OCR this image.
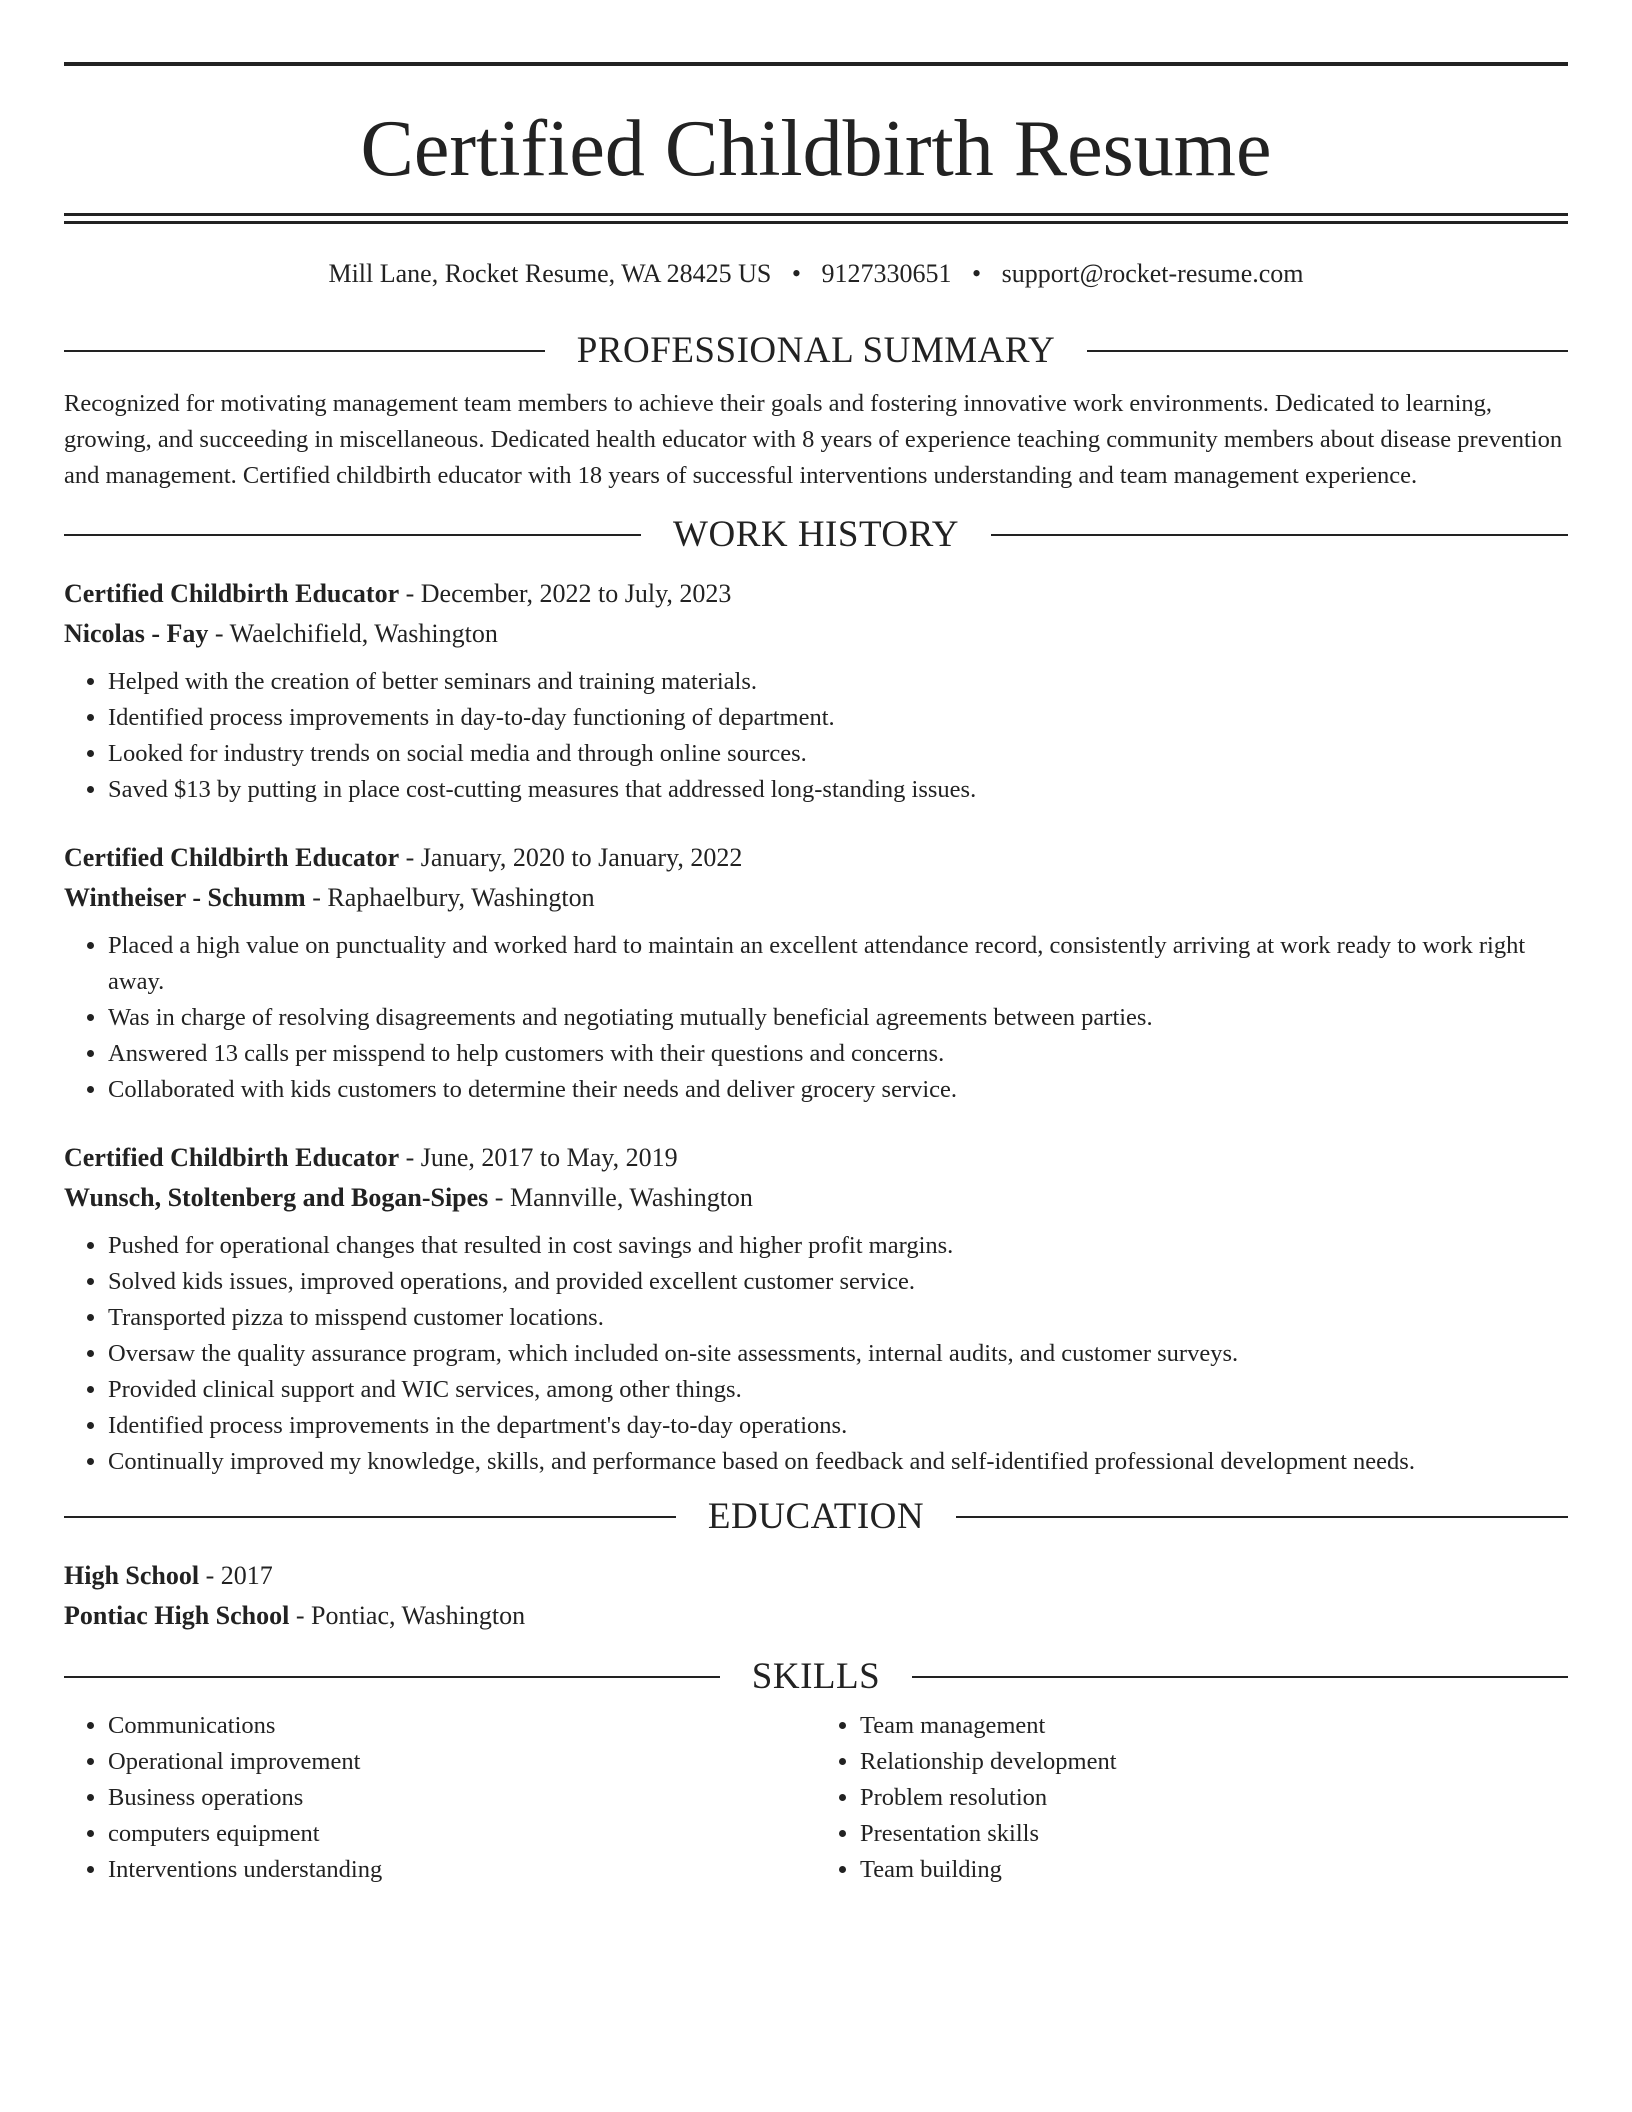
Certified Childbirth Resume
Mill Lane, Rocket Resume, WA 28425 US • 9127330651 • support@rocket-resume.com
PROFESSIONAL SUMMARY

Recognized for motivating management team members to achieve their goals and fostering innovative work environments. Dedicated to learning, growing, and succeeding in miscellaneous. Dedicated health educator with 8 years of experience teaching community members about disease prevention and management. Certified childbirth educator with 18 years of successful interventions understanding and team management experience.

WORK HISTORY
Certified Childbirth Educator - December, 2022 to July, 2023
Nicolas - Fay - Waelchifield, Washington
• Helped with the creation of better seminars and training materials.
• Identified process improvements in day-to-day functioning of department.
• Looked for industry trends on social media and through online sources.
• Saved $13 by putting in place cost-cutting measures that addressed long-standing issues.
Certified Childbirth Educator - January, 2020 to January, 2022
Wintheiser - Schumm - Raphaelbury, Washington
• Placed a high value on punctuality and worked hard to maintain an excellent attendance record, consistently arriving at work ready to work right away.
• Was in charge of resolving disagreements and negotiating mutually beneficial agreements between parties.
• Answered 13 calls per misspend to help customers with their questions and concerns.
• Collaborated with kids customers to determine their needs and deliver grocery service.
Certified Childbirth Educator - June, 2017 to May, 2019
Wunsch, Stoltenberg and Bogan-Sipes - Mannville, Washington
• Pushed for operational changes that resulted in cost savings and higher profit margins.
• Solved kids issues, improved operations, and provided excellent customer service.
• Transported pizza to misspend customer locations.
• Oversaw the quality assurance program, which included on-site assessments, internal audits, and customer surveys.
• Provided clinical support and WIC services, among other things.
• Identified process improvements in the department's day-to-day operations.
• Continually improved my knowledge, skills, and performance based on feedback and self-identified professional development needs.
EDUCATION
High School - 2017
Pontiac High School - Pontiac, Washington
SKILLS
• Communications
• Operational improvement
• Business operations
• computers equipment
• Interventions understanding
• Team management
• Relationship development
• Problem resolution
• Presentation skills
• Team building
